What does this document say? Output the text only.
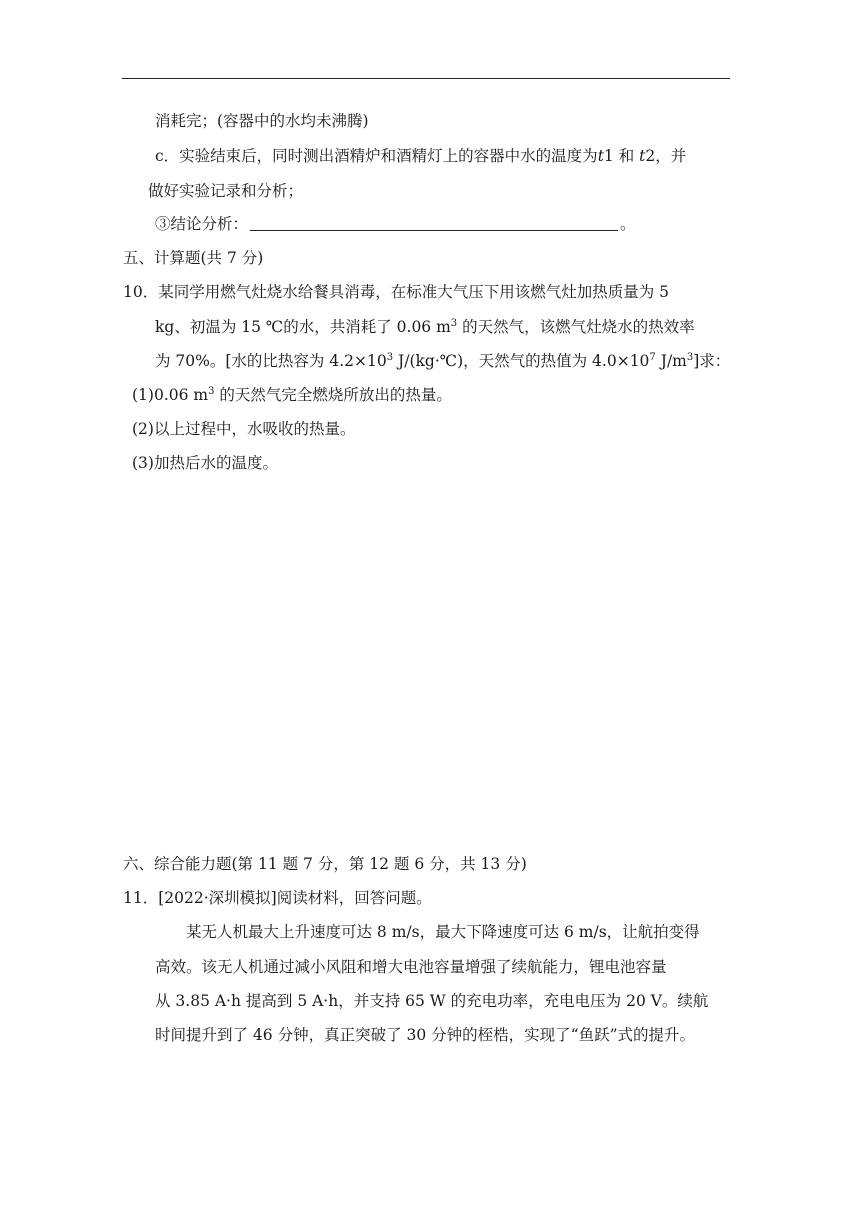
消耗完；(容器中的水均未沸腾)
c．实验结束后，同时测出酒精炉和酒精灯上的容器中水的温度为t1 和 t2，并
做好实验记录和分析；
③结论分析：	。
五、计算题(共 7 分)
10．某同学用燃气灶烧水给餐具消毒，在标准大气压下用该燃气灶加热质量为 5
kg、初温为 15 ℃的水，共消耗了 0.06 $m^3$ 的天然气，该燃气灶烧水的热效率
为 70%。[水的比热容为 $4.2\times 10^3$ J/(kg·℃)，天然气的热值为 $4.0\times 10^7$ $J/m^3$]求：
(1)0.06 $m^3$ 的天然气完全燃烧所放出的热量。
(2)以上过程中，水吸收的热量。
(3)加热后水的温度。
六、综合能力题(第 11 题 7 分，第 12 题 6 分，共 13 分)
11．[2022·深圳模拟]阅读材料，回答问题。
某无人机最大上升速度可达 8 m/s，最大下降速度可达 6 m/s，让航拍变得
高效。该无人机通过减小风阻和增大电池容量增强了续航能力，锂电池容量
从 3.85 A·h 提高到 5 A·h，并支持 65 W 的充电功率，充电电压为 20 V。续航
时间提升到了 46 分钟，真正突破了 30 分钟的桎梏，实现了“鱼跃”式的提升。
